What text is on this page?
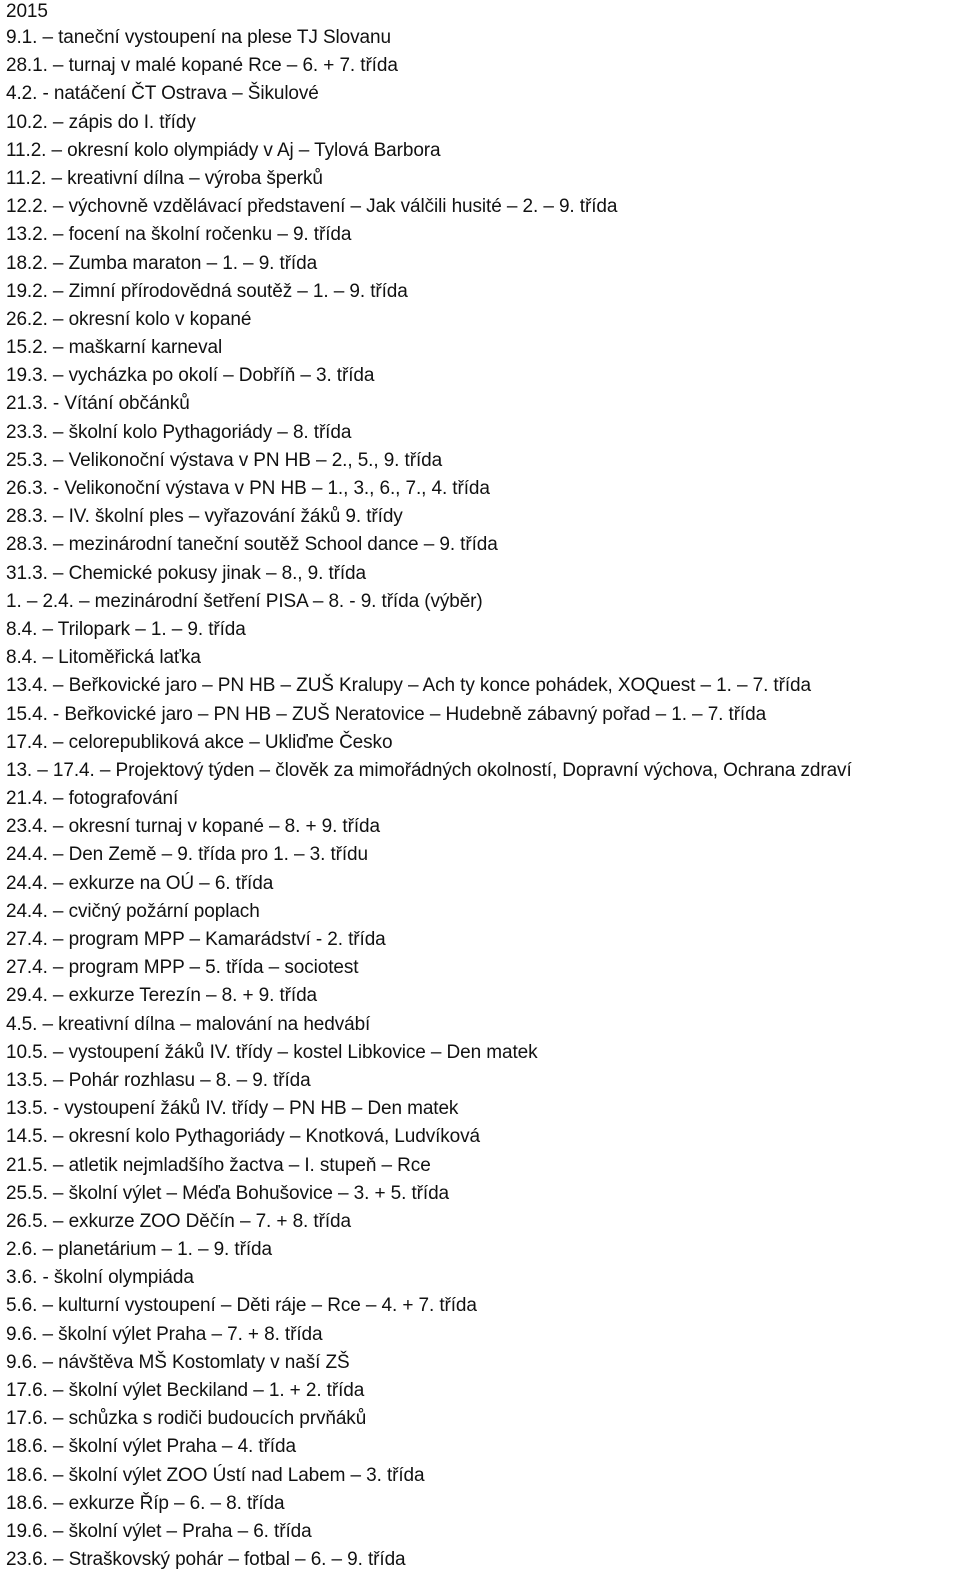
2015
9.1. – taneční vystoupení na plese TJ Slovanu
28.1. – turnaj v malé kopané Rce – 6. + 7. třída
4.2. - natáčení ČT Ostrava – Šikulové
10.2. – zápis do I. třídy
11.2. – okresní kolo olympiády v Aj – Tylová Barbora
11.2. – kreativní dílna – výroba šperků
12.2. – výchovně vzdělávací představení – Jak válčili husité – 2. – 9. třída
13.2. – focení na školní ročenku – 9. třída
18.2. – Zumba maraton – 1. – 9. třída
19.2. – Zimní přírodovědná soutěž – 1. – 9. třída
26.2. – okresní kolo v kopané
15.2. – maškarní karneval
19.3. – vycházka po okolí – Dobříň – 3. třída
21.3. - Vítání občánků
23.3. – školní kolo Pythagoriády – 8. třída
25.3. – Velikonoční výstava v PN HB – 2., 5., 9. třída
26.3. - Velikonoční výstava v PN HB – 1., 3., 6., 7., 4. třída
28.3. – IV. školní ples – vyřazování žáků 9. třídy
28.3. – mezinárodní taneční soutěž School dance – 9. třída
31.3. – Chemické pokusy jinak – 8., 9. třída
1. – 2.4. – mezinárodní šetření PISA – 8. - 9. třída (výběr)
8.4. – Trilopark – 1. – 9. třída
8.4. – Litoměřická laťka
13.4. – Beřkovické jaro – PN HB – ZUŠ Kralupy – Ach ty konce pohádek, XOQuest – 1. – 7. třída
15.4. - Beřkovické jaro – PN HB – ZUŠ Neratovice – Hudebně zábavný pořad – 1. – 7. třída
17.4. – celorepubliková akce – Ukliďme Česko
13. – 17.4. – Projektový týden – člověk za mimořádných okolností, Dopravní výchova, Ochrana zdraví
21.4. – fotografování
23.4. – okresní turnaj v kopané – 8. + 9. třída
24.4. – Den Země – 9. třída pro 1. – 3. třídu
24.4. – exkurze na OÚ – 6. třída
24.4. – cvičný požární poplach
27.4. – program MPP – Kamarádství - 2. třída
27.4. – program MPP – 5. třída – sociotest
29.4. – exkurze Terezín – 8. + 9. třída
4.5. – kreativní dílna – malování na hedvábí
10.5. – vystoupení žáků IV. třídy – kostel Libkovice – Den matek
13.5. – Pohár rozhlasu – 8. – 9. třída
13.5. - vystoupení žáků IV. třídy – PN HB – Den matek
14.5. – okresní kolo Pythagoriády – Knotková, Ludvíková
21.5. – atletik nejmladšího žactva – I. stupeň – Rce
25.5. – školní výlet – Méďa Bohušovice – 3. + 5. třída
26.5. – exkurze ZOO Děčín – 7. + 8. třída
2.6. – planetárium – 1. – 9. třída
3.6. - školní olympiáda
5.6. – kulturní vystoupení – Děti ráje – Rce – 4. + 7. třída
9.6. – školní výlet Praha – 7. + 8. třída
9.6. – návštěva MŠ Kostomlaty v naší ZŠ
17.6. – školní výlet Beckiland – 1. + 2. třída
17.6. – schůzka s rodiči budoucích prvňáků
18.6. – školní výlet Praha – 4. třída
18.6. – školní výlet ZOO Ústí nad Labem – 3. třída
18.6. – exkurze Říp – 6. – 8. třída
19.6. – školní výlet – Praha – 6. třída
23.6. – Straškovský pohár – fotbal – 6. – 9. třída
